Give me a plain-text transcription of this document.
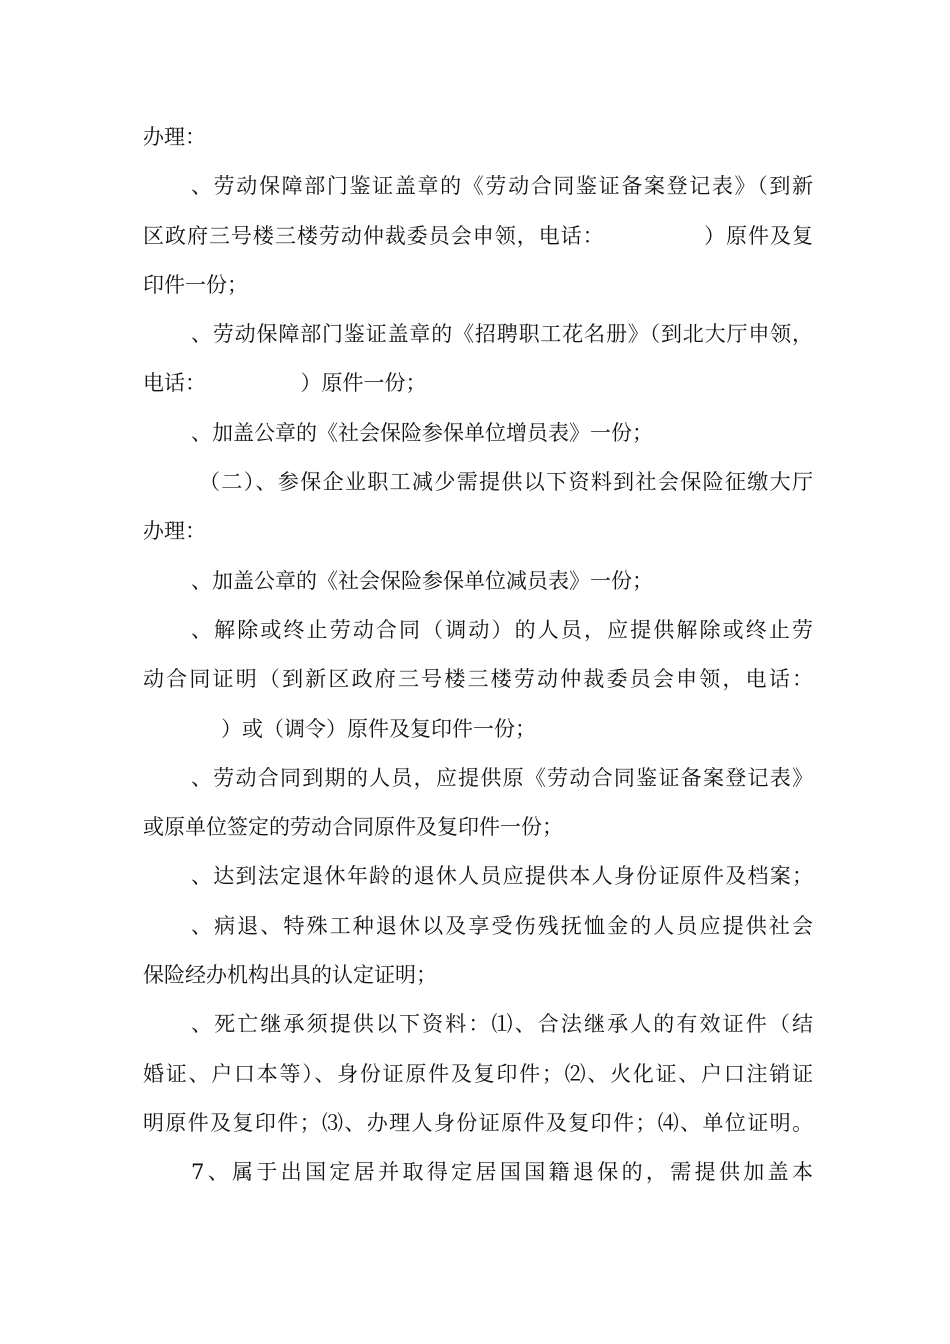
办理：
、劳动保障部门鉴证盖章的《劳动合同鉴证备案登记表》（到新
区政府三号楼三楼劳动仲裁委员会申领，电话：　　　　　）原件及复
印件一份；
、劳动保障部门鉴证盖章的《招聘职工花名册》（到北大厅申领，
电话：　　　　　）原件一份；
、加盖公章的《社会保险参保单位增员表》一份；
（二）、参保企业职工减少需提供以下资料到社会保险征缴大厅
办理：
、加盖公章的《社会保险参保单位减员表》一份；
、解除或终止劳动合同（调动）的人员，应提供解除或终止劳
动合同证明（到新区政府三号楼三楼劳动仲裁委员会申领，电话：
）或（调令）原件及复印件一份；
、劳动合同到期的人员，应提供原《劳动合同鉴证备案登记表》
或原单位签定的劳动合同原件及复印件一份；
、达到法定退休年龄的退休人员应提供本人身份证原件及档案；
、病退、特殊工种退休以及享受伤残抚恤金的人员应提供社会
保险经办机构出具的认定证明；
、死亡继承须提供以下资料：⑴、合法继承人的有效证件（结
婚证、户口本等）、身份证原件及复印件；⑵、火化证、户口注销证
明原件及复印件；⑶、办理人身份证原件及复印件；⑷、单位证明。
7、属于出国定居并取得定居国国籍退保的，需提供加盖本
